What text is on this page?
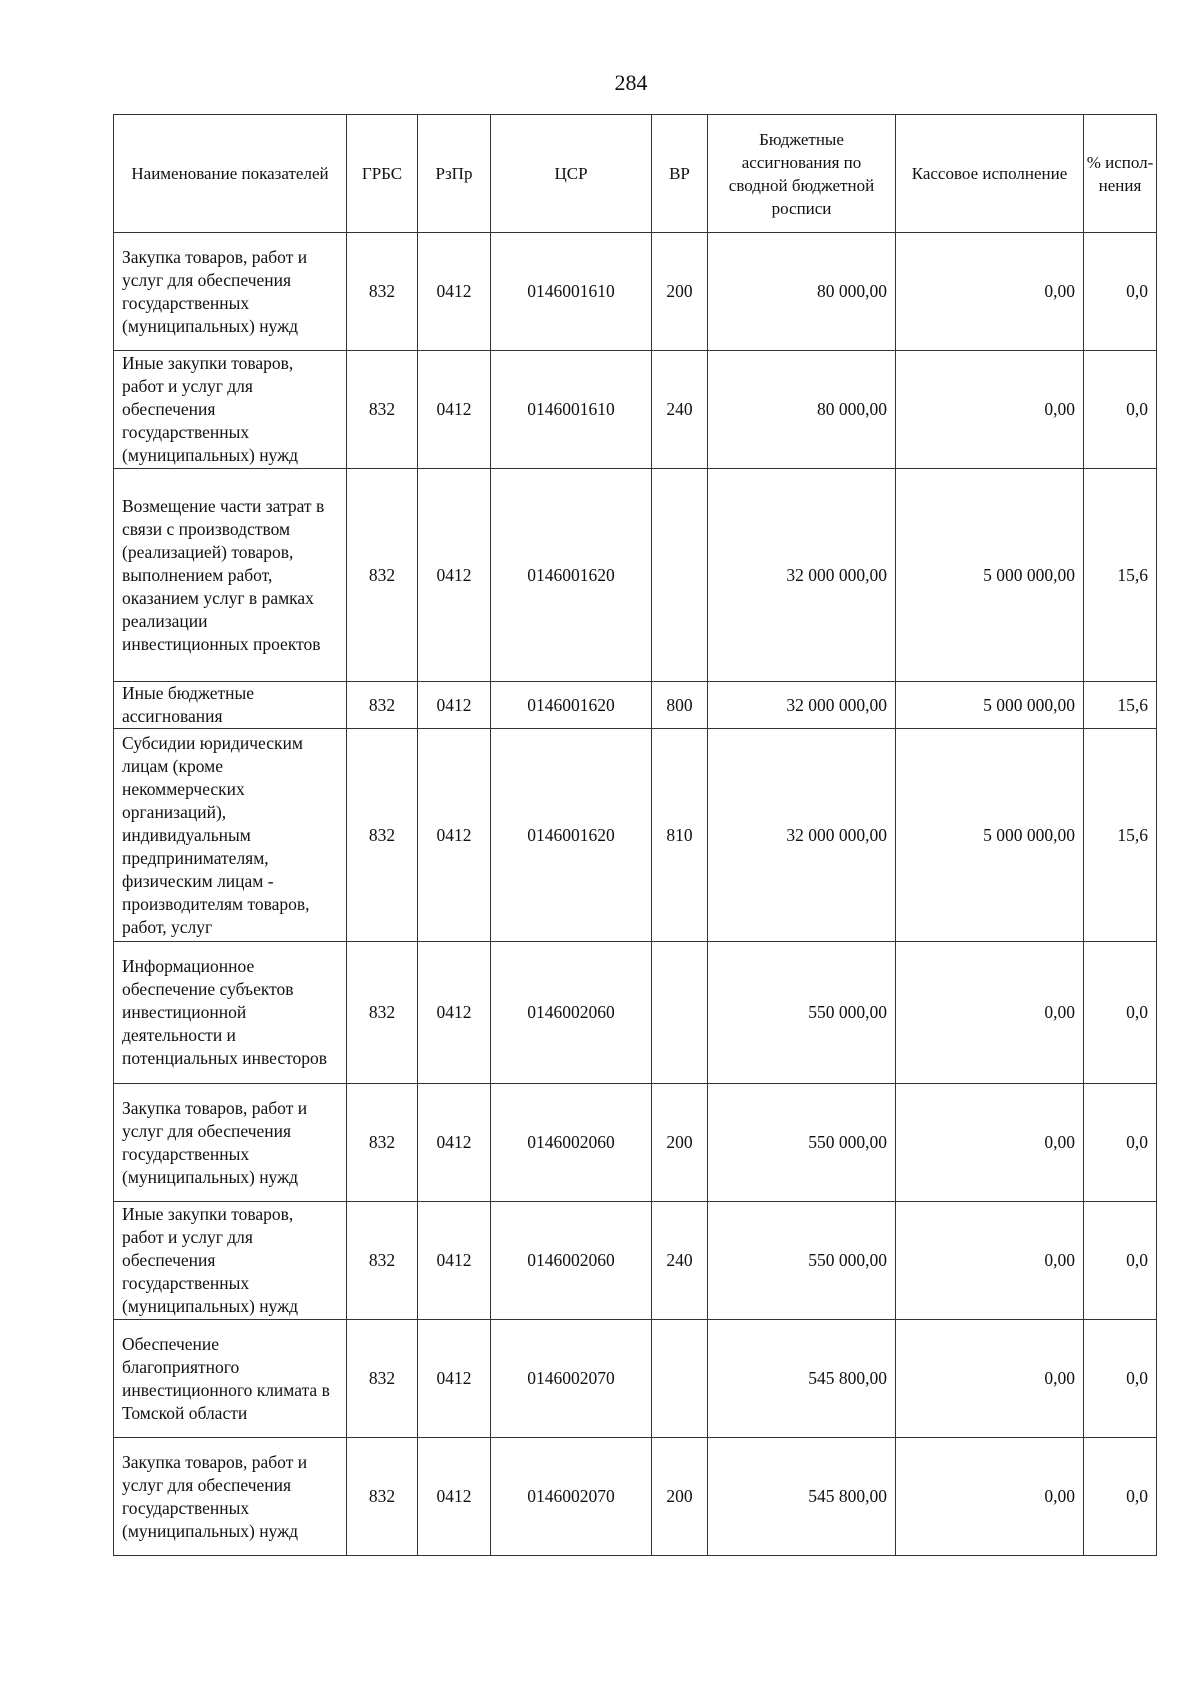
284
Наименование показателей	ГРБС	РзПр	ЦСР	ВР	Бюджетные ассигнования по сводной бюджетной росписи	Кассовое исполнение	% испол-нения
Закупка товаров, работ и услуг для обеспечения государственных (муниципальных) нужд	832	0412	0146001610	200	80 000,00	0,00	0,0
Иные закупки товаров, работ и услуг для обеспечения государственных (муниципальных) нужд	832	0412	0146001610	240	80 000,00	0,00	0,0
Возмещение части затрат в связи с производством (реализацией) товаров, выполнением работ, оказанием услуг в рамках реализации инвестиционных проектов	832	0412	0146001620		32 000 000,00	5 000 000,00	15,6
Иные бюджетные ассигнования	832	0412	0146001620	800	32 000 000,00	5 000 000,00	15,6
Субсидии юридическим лицам (кроме некоммерческих организаций), индивидуальным предпринимателям, физическим лицам - производителям товаров, работ, услуг	832	0412	0146001620	810	32 000 000,00	5 000 000,00	15,6
Информационное обеспечение субъектов инвестиционной деятельности и потенциальных инвесторов	832	0412	0146002060		550 000,00	0,00	0,0
Закупка товаров, работ и услуг для обеспечения государственных (муниципальных) нужд	832	0412	0146002060	200	550 000,00	0,00	0,0
Иные закупки товаров, работ и услуг для обеспечения государственных (муниципальных) нужд	832	0412	0146002060	240	550 000,00	0,00	0,0
Обеспечение благоприятного инвестиционного климата в Томской области	832	0412	0146002070		545 800,00	0,00	0,0
Закупка товаров, работ и услуг для обеспечения государственных (муниципальных) нужд	832	0412	0146002070	200	545 800,00	0,00	0,0
